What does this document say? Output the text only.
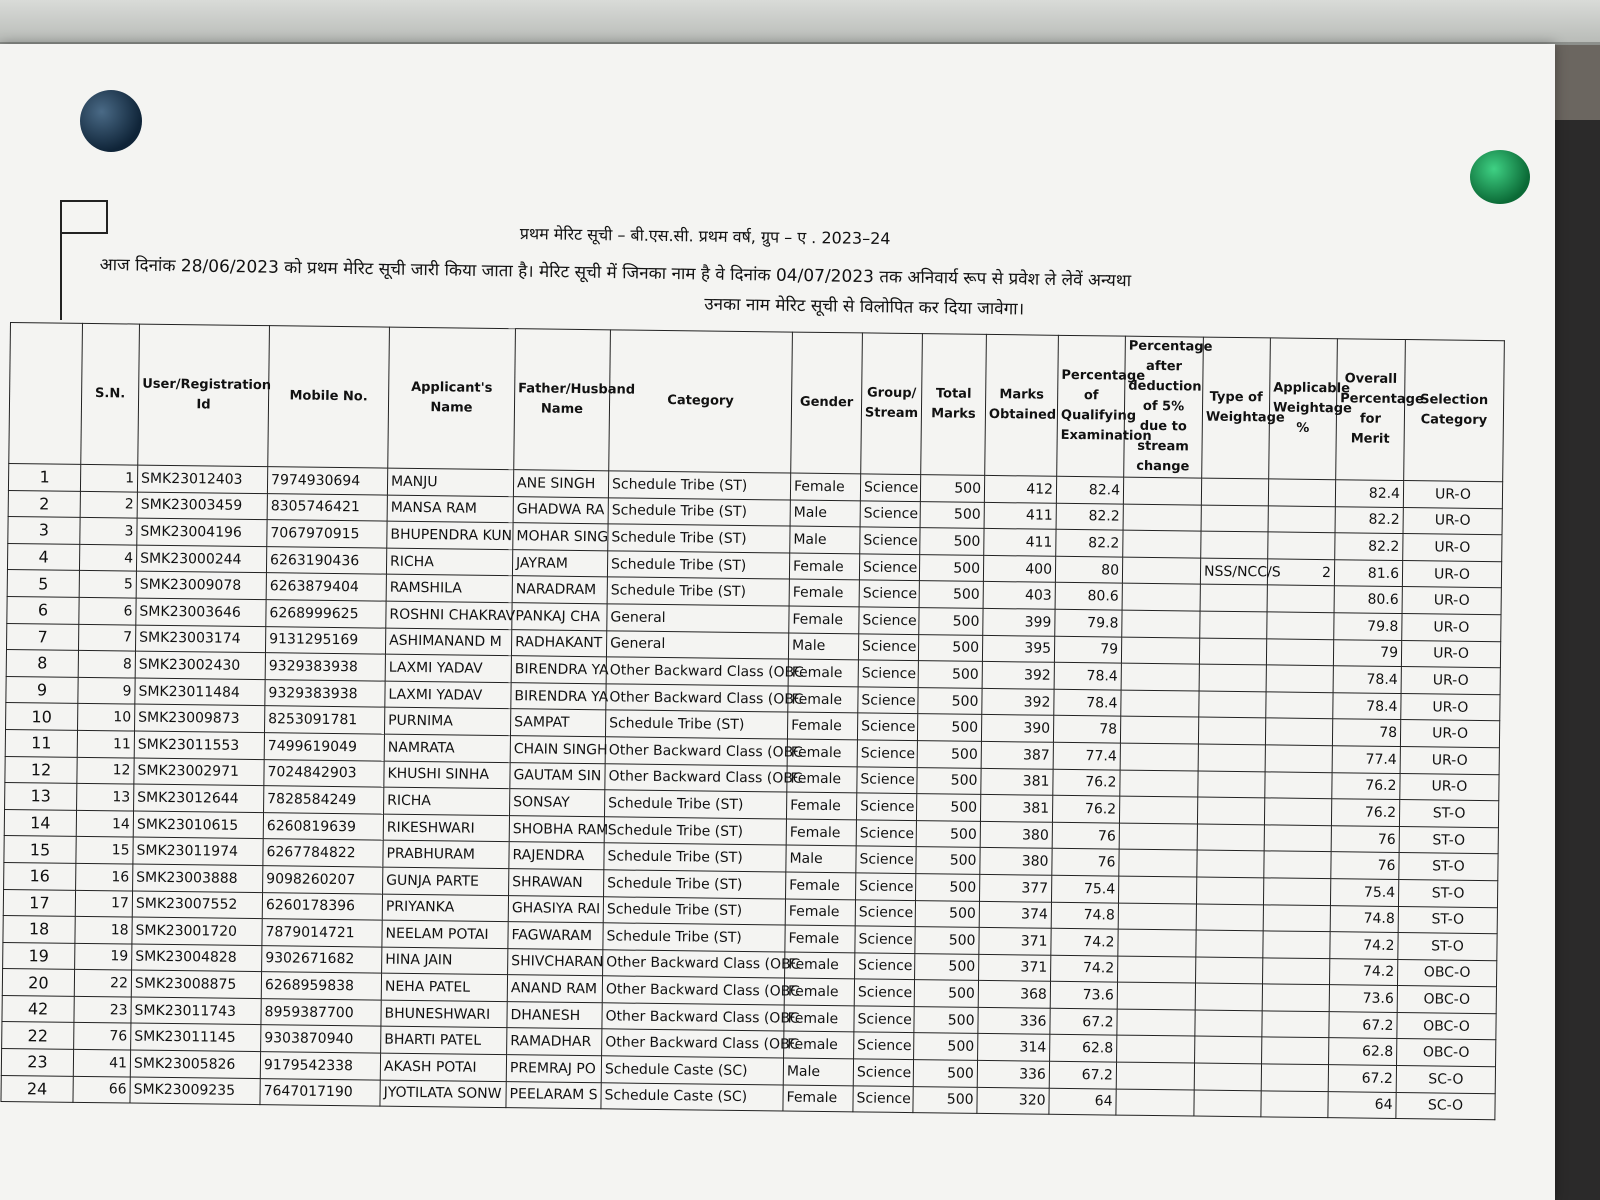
प्रथम मेरिट सूची – बी.एस.सी. प्रथम वर्ष, ग्रुप – ए . 2023–24
आज दिनांक 28/06/2023 को प्रथम मेरिट सूची जारी किया जाता है। मेरिट सूची में जिनका नाम है वे दिनांक 04/07/2023 तक अनिवार्य रूप से प्रवेश ले लेवें अन्यथा
उनका नाम मेरिट सूची से विलोपित कर दिया जावेगा।
	S.N.	User/Registration Id	Mobile No.	Applicant's Name	Father/Husband Name	Category	Gender	Group/ Stream	Total Marks	Marks Obtained	Percentage of Qualifying Examination	Percentage after deduction of 5% due to stream change	Type of Weightage	Applicable Weightage %	Overall Percentage for Merit	Selection Category
1	1	SMK23012403	7974930694	MANJU	ANE SINGH	Schedule Tribe (ST)	Female	Science	500	412	82.4				82.4	UR-O
2	2	SMK23003459	8305746421	MANSA RAM	GHADWA RA	Schedule Tribe (ST)	Male	Science	500	411	82.2				82.2	UR-O
3	3	SMK23004196	7067970915	BHUPENDRA KUN	MOHAR SING	Schedule Tribe (ST)	Male	Science	500	411	82.2				82.2	UR-O
4	4	SMK23000244	6263190436	RICHA	JAYRAM	Schedule Tribe (ST)	Female	Science	500	400	80		NSS/NCC/S	2	81.6	UR-O
5	5	SMK23009078	6263879404	RAMSHILA	NARADRAM	Schedule Tribe (ST)	Female	Science	500	403	80.6				80.6	UR-O
6	6	SMK23003646	6268999625	ROSHNI CHAKRAV	PANKAJ CHA	General	Female	Science	500	399	79.8				79.8	UR-O
7	7	SMK23003174	9131295169	ASHIMANAND M	RADHAKANT	General	Male	Science	500	395	79				79	UR-O
8	8	SMK23002430	9329383938	LAXMI YADAV	BIRENDRA YA	Other Backward Class (OBC	Female	Science	500	392	78.4				78.4	UR-O
9	9	SMK23011484	9329383938	LAXMI YADAV	BIRENDRA YA	Other Backward Class (OBC	Female	Science	500	392	78.4				78.4	UR-O
10	10	SMK23009873	8253091781	PURNIMA	SAMPAT	Schedule Tribe (ST)	Female	Science	500	390	78				78	UR-O
11	11	SMK23011553	7499619049	NAMRATA	CHAIN SINGH	Other Backward Class (OBC	Female	Science	500	387	77.4				77.4	UR-O
12	12	SMK23002971	7024842903	KHUSHI SINHA	GAUTAM SIN	Other Backward Class (OBC	Female	Science	500	381	76.2				76.2	UR-O
13	13	SMK23012644	7828584249	RICHA	SONSAY	Schedule Tribe (ST)	Female	Science	500	381	76.2				76.2	ST-O
14	14	SMK23010615	6260819639	RIKESHWARI	SHOBHA RAM	Schedule Tribe (ST)	Female	Science	500	380	76				76	ST-O
15	15	SMK23011974	6267784822	PRABHURAM	RAJENDRA	Schedule Tribe (ST)	Male	Science	500	380	76				76	ST-O
16	16	SMK23003888	9098260207	GUNJA PARTE	SHRAWAN	Schedule Tribe (ST)	Female	Science	500	377	75.4				75.4	ST-O
17	17	SMK23007552	6260178396	PRIYANKA	GHASIYA RAI	Schedule Tribe (ST)	Female	Science	500	374	74.8				74.8	ST-O
18	18	SMK23001720	7879014721	NEELAM POTAI	FAGWARAM	Schedule Tribe (ST)	Female	Science	500	371	74.2				74.2	ST-O
19	19	SMK23004828	9302671682	HINA JAIN	SHIVCHARAN	Other Backward Class (OBC	Female	Science	500	371	74.2				74.2	OBC-O
20	22	SMK23008875	6268959838	NEHA PATEL	ANAND RAM	Other Backward Class (OBC	Female	Science	500	368	73.6				73.6	OBC-O
42	23	SMK23011743	8959387700	BHUNESHWARI	DHANESH	Other Backward Class (OBC	Female	Science	500	336	67.2				67.2	OBC-O
22	76	SMK23011145	9303870940	BHARTI PATEL	RAMADHAR	Other Backward Class (OBC	Female	Science	500	314	62.8				62.8	OBC-O
23	41	SMK23005826	9179542338	AKASH POTAI	PREMRAJ PO	Schedule Caste (SC)	Male	Science	500	336	67.2				67.2	SC-O
24	66	SMK23009235	7647017190	JYOTILATA SONW	PEELARAM S	Schedule Caste (SC)	Female	Science	500	320	64				64	SC-O
